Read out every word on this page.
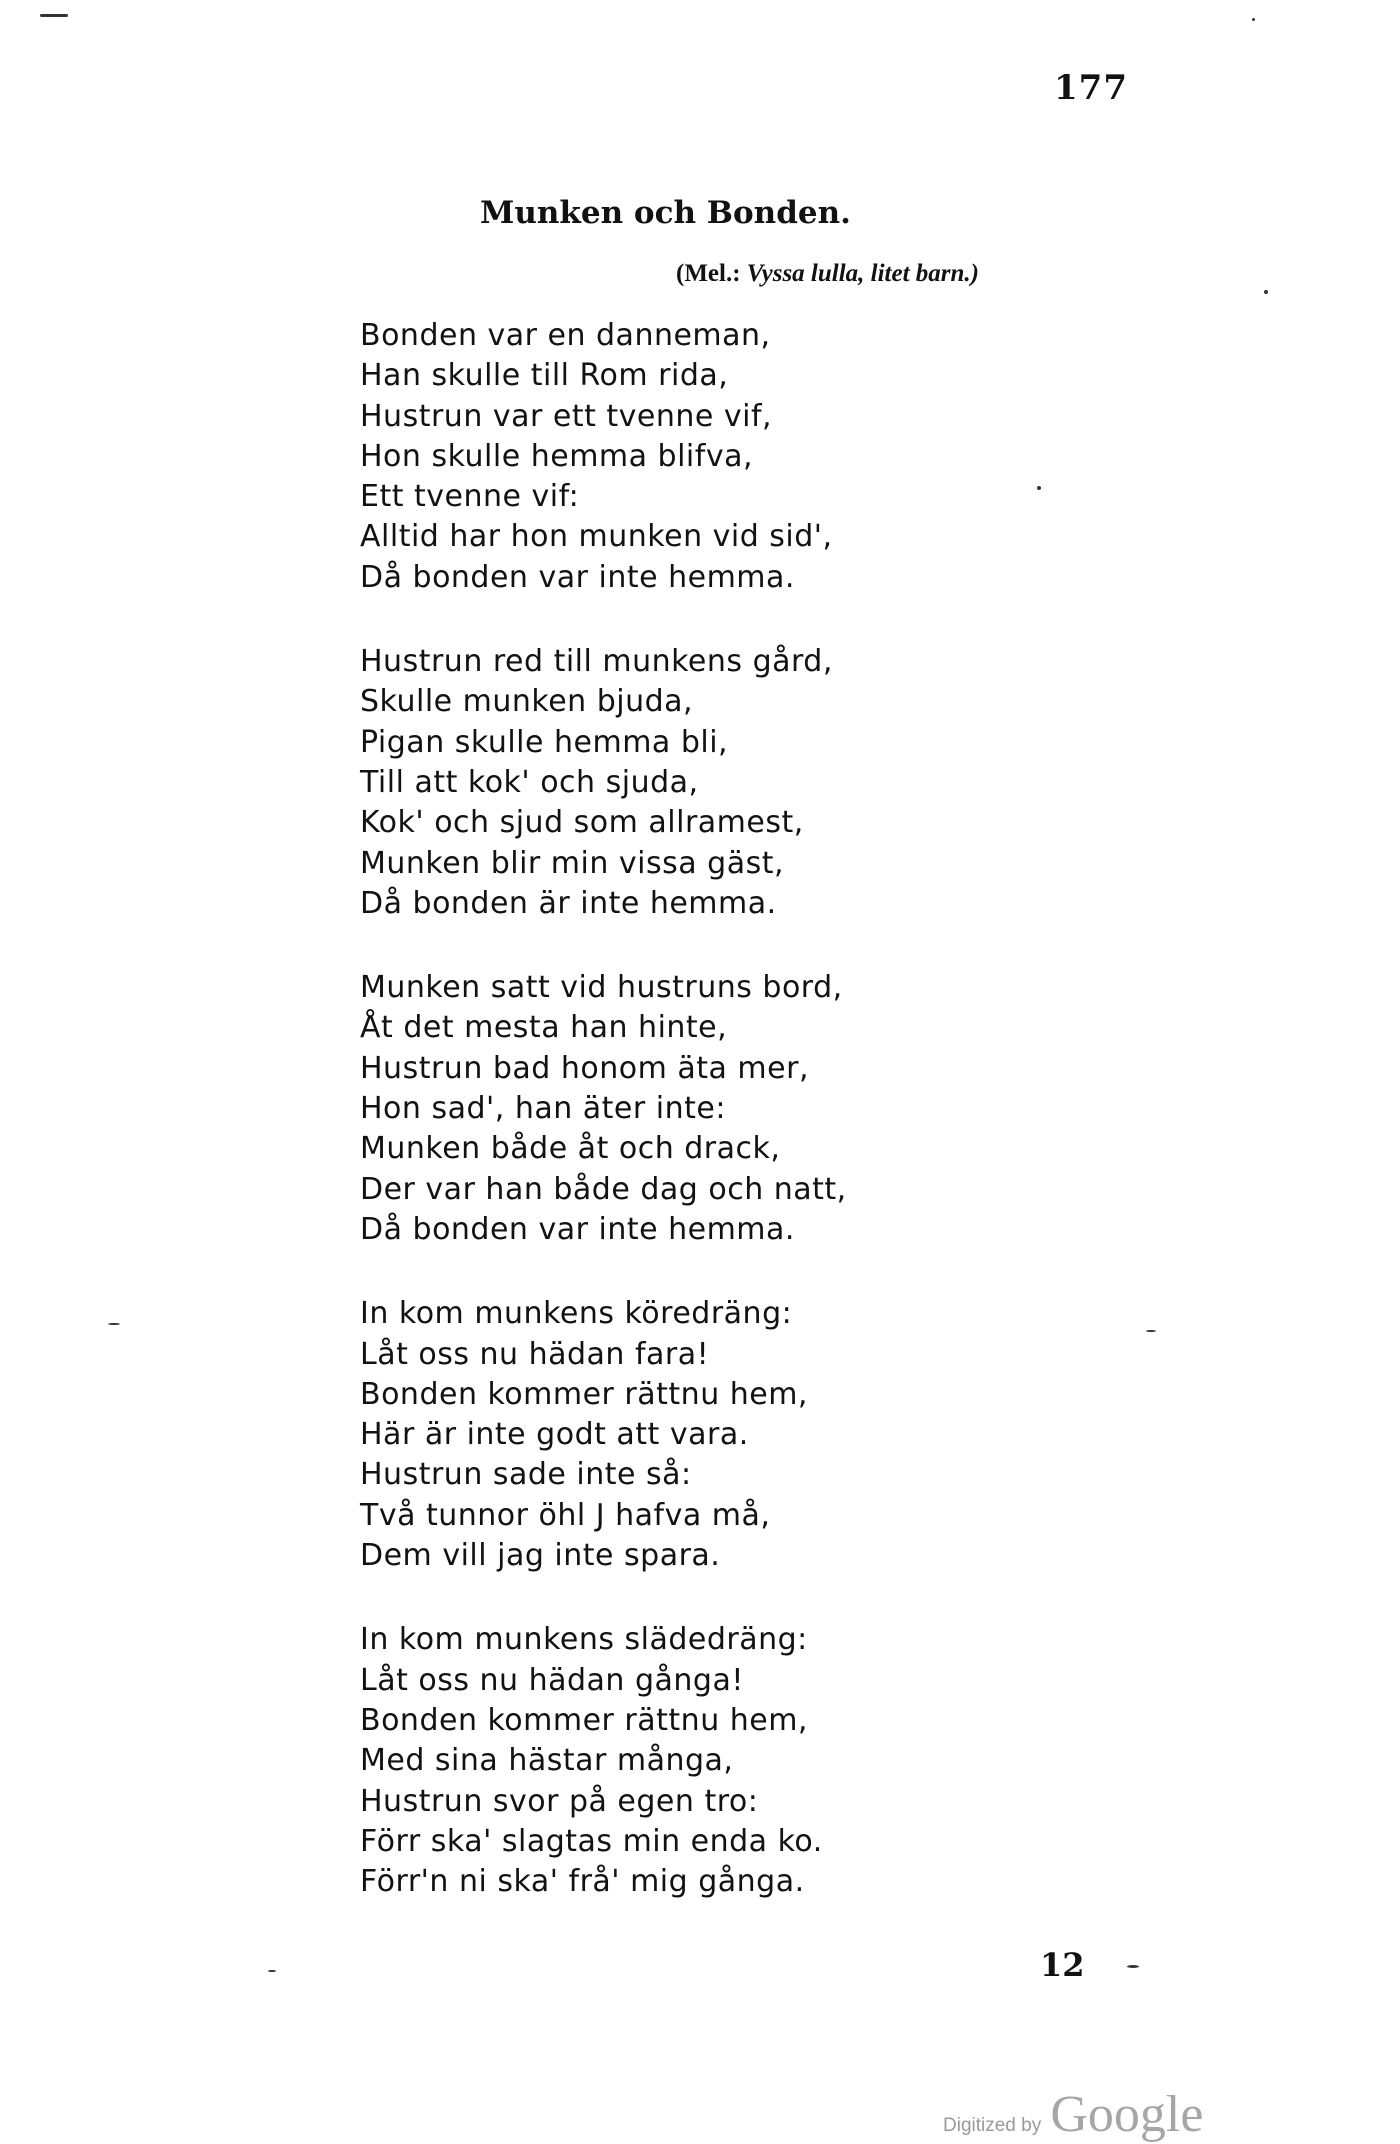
177
Munken och Bonden.
(Mel.: Vyssa lulla, litet barn.)
Bonden var en danneman,
Han skulle till Rom rida,
Hustrun var ett tvenne vif,
Hon skulle hemma blifva,
Ett tvenne vif:
Alltid har hon munken vid sid',
Då bonden var inte hemma.
Hustrun red till munkens gård,
Skulle munken bjuda,
Pigan skulle hemma bli,
Till att kok' och sjuda,
Kok' och sjud som allramest,
Munken blir min vissa gäst,
Då bonden är inte hemma.
Munken satt vid hustruns bord,
Åt det mesta han hinte,
Hustrun bad honom äta mer,
Hon sad', han äter inte:
Munken både åt och drack,
Der var han både dag och natt,
Då bonden var inte hemma.
In kom munkens köredräng:
Låt oss nu hädan fara!
Bonden kommer rättnu hem,
Här är inte godt att vara.
Hustrun sade inte så:
Två tunnor öhl J hafva må,
Dem vill jag inte spara.
In kom munkens slädedräng:
Låt oss nu hädan gånga!
Bonden kommer rättnu hem,
Med sina hästar många,
Hustrun svor på egen tro:
Förr ska' slagtas min enda ko.
Förr'n ni ska' frå' mig gånga.
12
Digitized by Google
